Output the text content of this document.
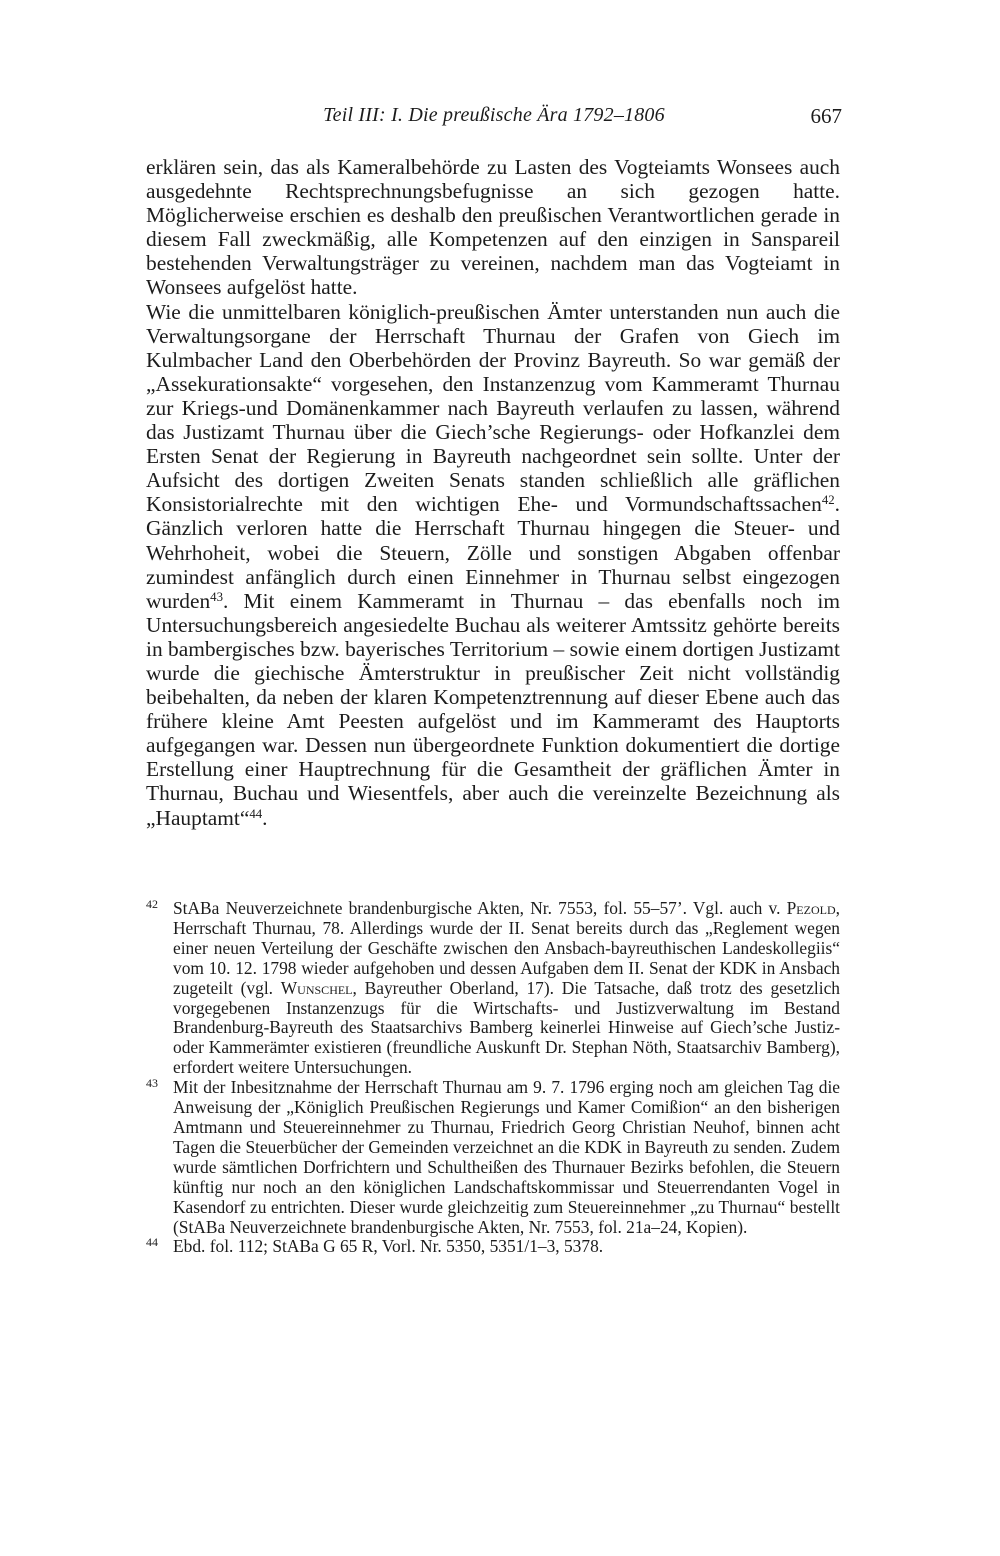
Teil III: I. Die preußische Ära 1792–1806	667

erklären sein, das als Kameralbehörde zu Lasten des Vogteiamts Wonsees auch ausgedehnte Rechtsprechnungsbefugnisse an sich gezogen hatte. Möglicherweise erschien es deshalb den preußischen Verantwortlichen gerade in diesem Fall zweckmäßig, alle Kompetenzen auf den einzigen in Sanspareil bestehenden Verwaltungsträger zu vereinen, nachdem man das Vogteiamt in Wonsees aufgelöst hatte.

Wie die unmittelbaren königlich-preußischen Ämter unterstanden nun auch die Verwaltungsorgane der Herrschaft Thurnau der Grafen von Giech im Kulmbacher Land den Oberbehörden der Provinz Bayreuth. So war gemäß der „Assekurationsakte“ vorgesehen, den Instanzenzug vom Kammeramt Thurnau zur Kriegs-und Domänenkammer nach Bayreuth verlaufen zu lassen, während das Justizamt Thurnau über die Giech’sche Regierungs- oder Hofkanzlei dem Ersten Senat der Regierung in Bayreuth nachgeordnet sein sollte. Unter der Aufsicht des dortigen Zweiten Senats standen schließlich alle gräflichen Konsistorialrechte mit den wichtigen Ehe- und Vormundschaftssachen$^{42}$. Gänzlich verloren hatte die Herrschaft Thurnau hingegen die Steuer- und Wehrhoheit, wobei die Steuern, Zölle und sonstigen Abgaben offenbar zumindest anfänglich durch einen Einnehmer in Thurnau selbst eingezogen wurden$^{43}$. Mit einem Kammeramt in Thurnau – das ebenfalls noch im Untersuchungsbereich angesiedelte Buchau als weiterer Amtssitz gehörte bereits in bambergisches bzw. bayerisches Territorium – sowie einem dortigen Justizamt wurde die giechische Ämterstruktur in preußischer Zeit nicht vollständig beibehalten, da neben der klaren Kompetenztrennung auf dieser Ebene auch das frühere kleine Amt Peesten aufgelöst und im Kammeramt des Hauptorts aufgegangen war. Dessen nun übergeordnete Funktion dokumentiert die dortige Erstellung einer Hauptrechnung für die Gesamtheit der gräflichen Ämter in Thurnau, Buchau und Wiesentfels, aber auch die vereinzelte Bezeichnung als „Hauptamt“$^{44}$.

42 StABa Neuverzeichnete brandenburgische Akten, Nr. 7553, fol. 55–57’. Vgl. auch v. Pezold, Herrschaft Thurnau, 78. Allerdings wurde der II. Senat bereits durch das „Reglement wegen einer neuen Verteilung der Geschäfte zwischen den Ansbach-bayreuthischen Landeskollegiis“ vom 10. 12. 1798 wieder aufgehoben und dessen Aufgaben dem II. Senat der KDK in Ansbach zugeteilt (vgl. Wunschel, Bayreuther Oberland, 17). Die Tatsache, daß trotz des gesetzlich vorgegebenen Instanzenzugs für die Wirtschafts- und Justizverwaltung im Bestand Brandenburg-Bayreuth des Staatsarchivs Bamberg keinerlei Hinweise auf Giech’sche Justiz- oder Kammerämter existieren (freundliche Auskunft Dr. Stephan Nöth, Staatsarchiv Bamberg), erfordert weitere Untersuchungen.
43 Mit der Inbesitznahme der Herrschaft Thurnau am 9. 7. 1796 erging noch am gleichen Tag die Anweisung der „Königlich Preußischen Regierungs und Kamer Comißion“ an den bisherigen Amtmann und Steuereinnehmer zu Thurnau, Friedrich Georg Christian Neuhof, binnen acht Tagen die Steuerbücher der Gemeinden verzeichnet an die KDK in Bayreuth zu senden. Zudem wurde sämtlichen Dorfrichtern und Schultheißen des Thurnauer Bezirks befohlen, die Steuern künftig nur noch an den königlichen Landschaftskommissar und Steuerrendanten Vogel in Kasendorf zu entrichten. Dieser wurde gleichzeitig zum Steuereinnehmer „zu Thurnau“ bestellt (StABa Neuverzeichnete brandenburgische Akten, Nr. 7553, fol. 21a–24, Kopien).
44 Ebd. fol. 112; StABa G 65 R, Vorl. Nr. 5350, 5351/1–3, 5378.
